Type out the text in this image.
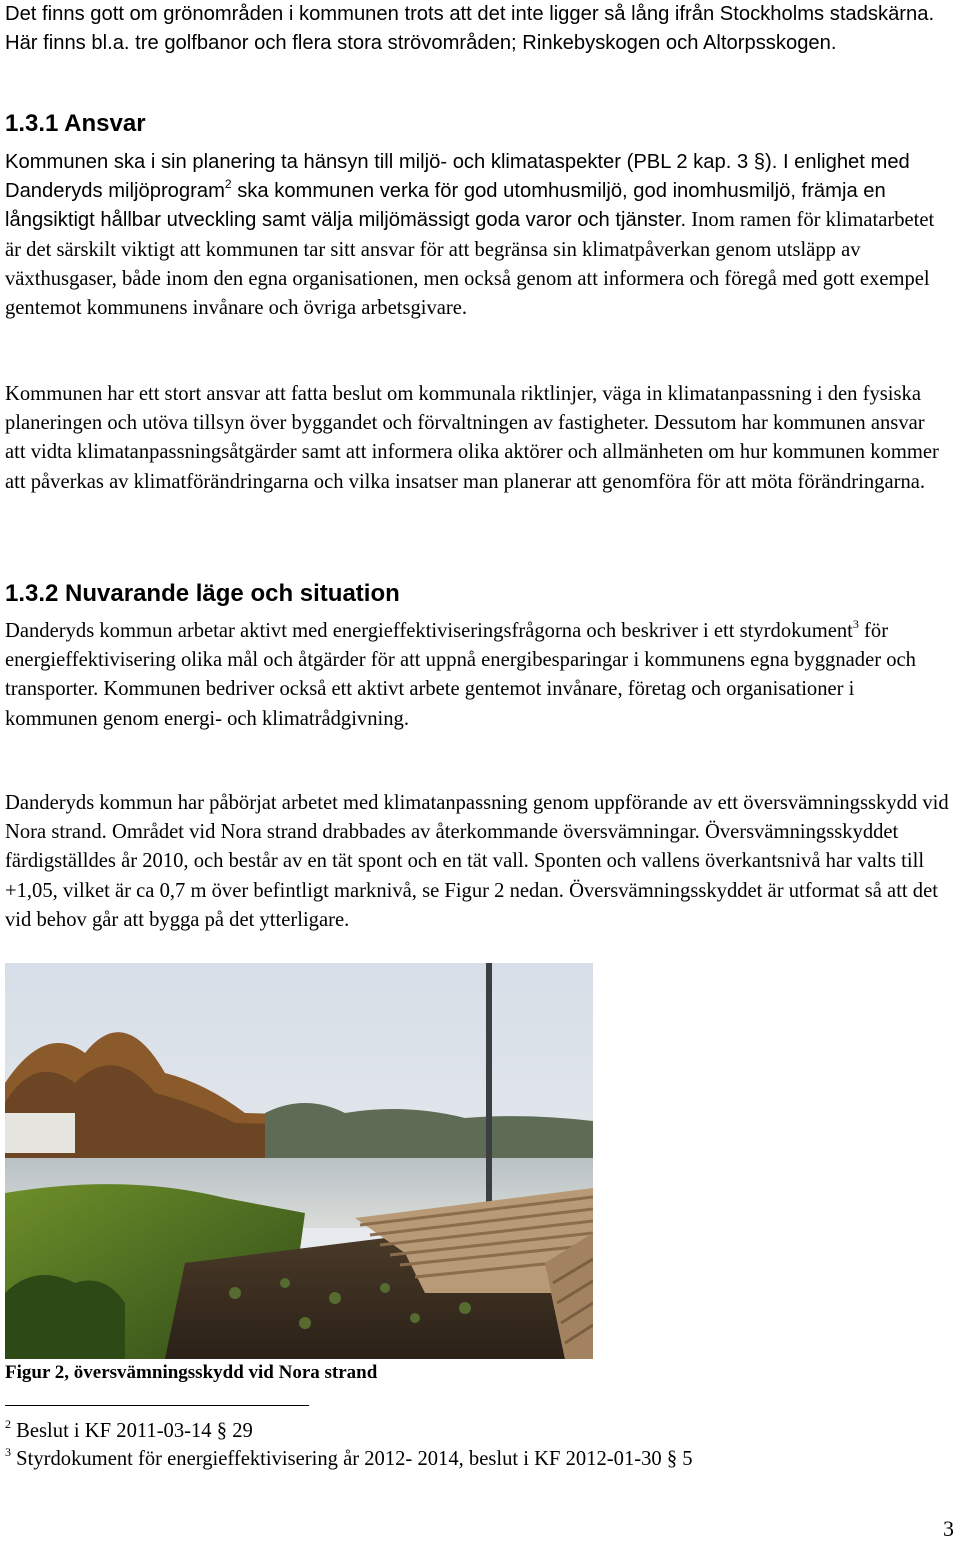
Det finns gott om grönområden i kommunen trots att det inte ligger så lång ifrån Stockholms stadskärna. Här finns bl.a. tre golfbanor och flera stora strövområden; Rinkebyskogen och Altorpsskogen.

1.3.1 Ansvar

Kommunen ska i sin planering ta hänsyn till miljö- och klimataspekter (PBL 2 kap. 3 §). I enlighet med Danderyds miljöprogram$^2$ ska kommunen verka för god utomhusmiljö, god inomhusmiljö, främja en långsiktigt hållbar utveckling samt välja miljömässigt goda varor och tjänster. Inom ramen för klimatarbetet är det särskilt viktigt att kommunen tar sitt ansvar för att begränsa sin klimatpåverkan genom utsläpp av växthusgaser, både inom den egna organisationen, men också genom att informera och föregå med gott exempel gentemot kommunens invånare och övriga arbetsgivare.

Kommunen har ett stort ansvar att fatta beslut om kommunala riktlinjer, väga in klimatanpassning i den fysiska planeringen och utöva tillsyn över byggandet och förvaltningen av fastigheter. Dessutom har kommunen ansvar att vidta klimatanpassningsåtgärder samt att informera olika aktörer och allmänheten om hur kommunen kommer att påverkas av klimatförändringarna och vilka insatser man planerar att genomföra för att möta förändringarna.

1.3.2 Nuvarande läge och situation

Danderyds kommun arbetar aktivt med energieffektiviseringsfrågorna och beskriver i ett styrdokument$^3$ för energieffektivisering olika mål och åtgärder för att uppnå energibesparingar i kommunens egna byggnader och transporter. Kommunen bedriver också ett aktivt arbete gentemot invånare, företag och organisationer i kommunen genom energi- och klimatrådgivning.

Danderyds kommun har påbörjat arbetet med klimatanpassning genom uppförande av ett översvämningsskydd vid Nora strand. Området vid Nora strand drabbades av återkommande översvämningar. Översvämningsskyddet färdigställdes år 2010, och består av en tät spont och en tät vall. Sponten och vallens överkantsnivå har valts till +1,05, vilket är ca 0,7 m över befintligt marknivå, se Figur 2 nedan. Översvämningsskyddet är utformat så att det vid behov går att bygga på det ytterligare.

Figur 2, översvämningsskydd vid Nora strand

$^2$ Beslut i KF 2011-03-14 § 29

$^3$ Styrdokument för energieffektivisering år 2012- 2014, beslut i KF 2012-01-30 § 5

3
